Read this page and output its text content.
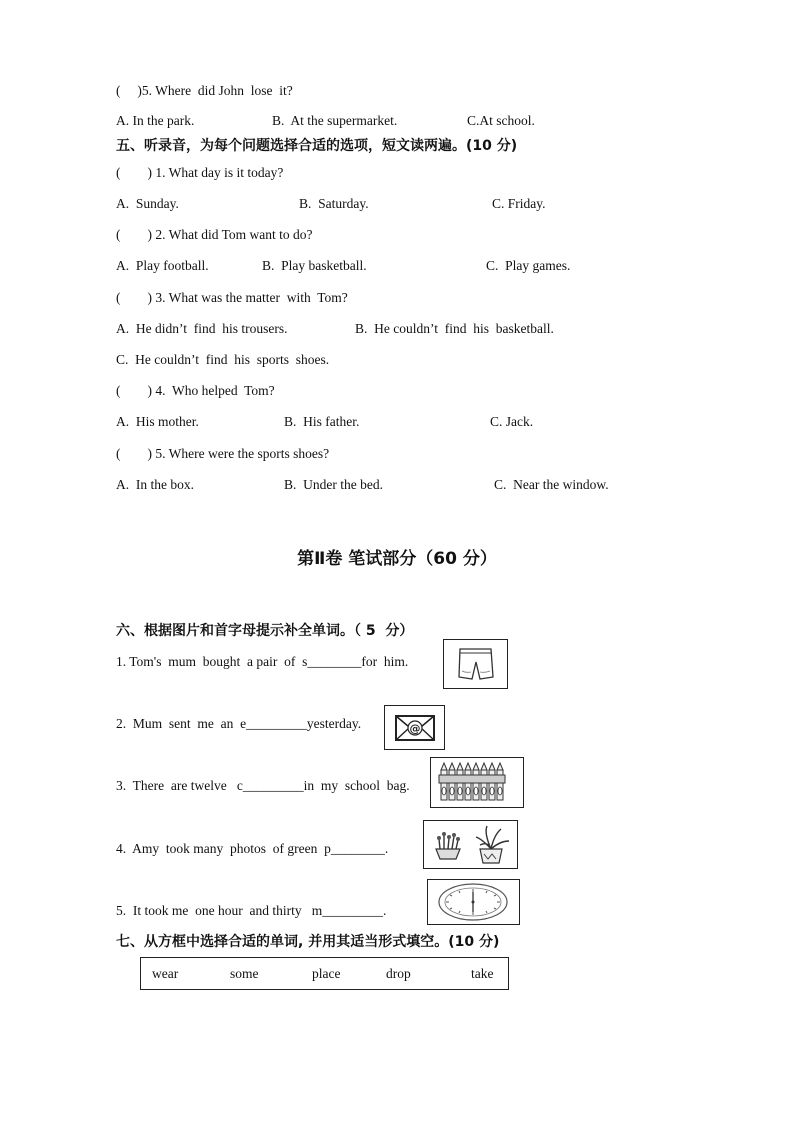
(     )5. Where  did John  lose  it?
A. In the park.	B.  At the supermarket.	C.At school.
五、听录音，为每个问题选择合适的选项，短文读两遍。(10 分)
(        ) 1. What day is it today?
A.  Sunday.	B.  Saturday.	C. Friday.
(        ) 2. What did Tom want to do?
A.  Play football.	B.  Play basketball.	C.  Play games.
(        ) 3. What was the matter  with  Tom?
A.  He didn’t  find  his trousers.	B.  He couldn’t  find  his  basketball.
C.  He couldn’t  find  his  sports  shoes.
(        ) 4.  Who helped  Tom?
A.  His mother.	B.  His father.	C. Jack.
(        ) 5. Where were the sports shoes?
A.  In the box.	B.  Under the bed.	C.  Near the window.
第Ⅱ卷 笔试部分（60 分）
六、根据图片和首字母提示补全单词。（ 5  分）
1. Tom's  mum  bought  a pair  of  s________for  him.
2.  Mum  sent  me  an  e_________yesterday.	@
3.  There  are twelve   c_________in  my  school  bag.
4.  Amy  took many  photos  of green  p________.
5.  It took me  one hour  and thirty   m_________.
七、从方框中选择合适的单词, 并用其适当形式填空。(10 分)
wear	some	place	drop	take
